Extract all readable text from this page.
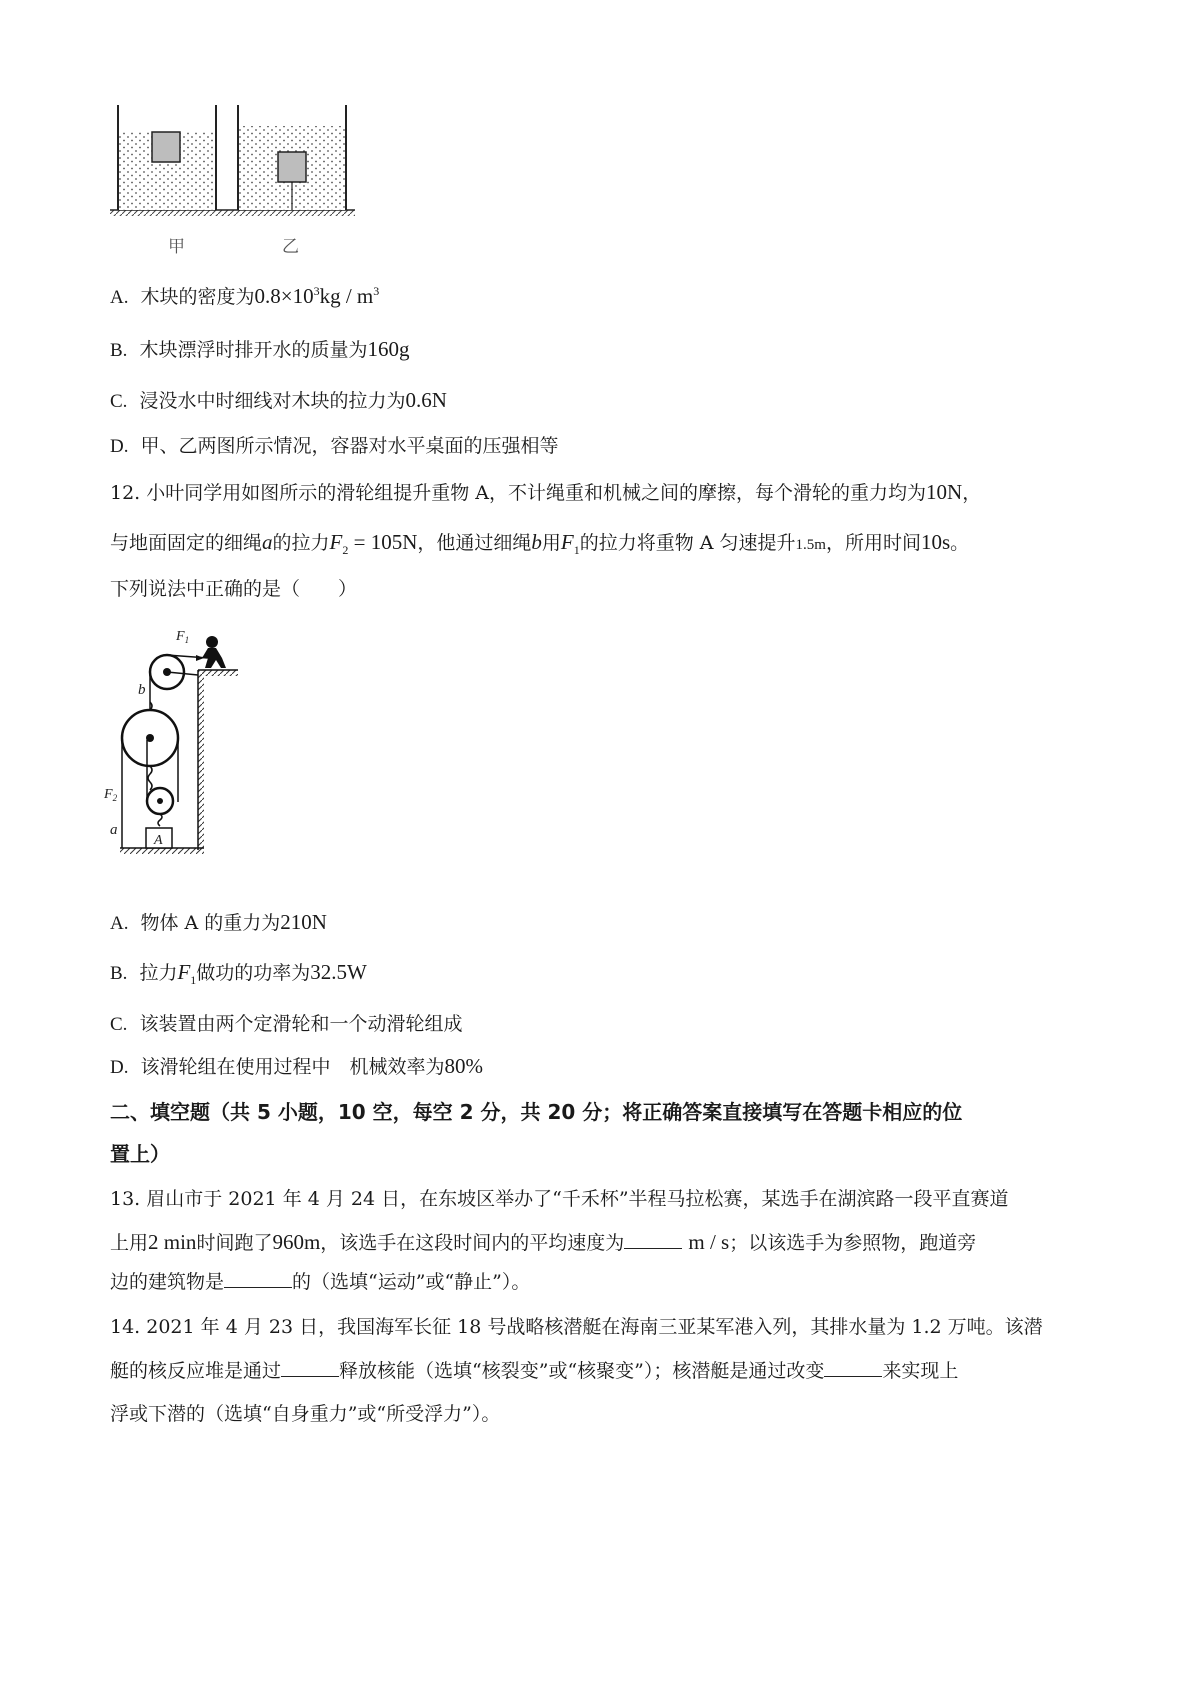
甲	乙
A. 木块的密度为$0.8\times 10^3kg / m^3$
B. 木块漂浮时排开水的质量为160g
C. 浸没水中时细线对木块的拉力为0.6N
D. 甲、乙两图所示情况，容器对水平桌面的压强相等
12. 小叶同学用如图所示的滑轮组提升重物 A，不计绳重和机械之间的摩擦，每个滑轮的重力均为10N，
与地面固定的细绳a的拉力$F_2 = 105N$，他通过细绳b用$F_1$的拉力将重物 A 匀速提升1.5m，所用时间10s。
下列说法中正确的是（　　）
$F_1$
b
$F_2$
a
A
A. 物体 A 的重力为210N
B. 拉力$F_1$做功的功率为32.5W
C. 该装置由两个定滑轮和一个动滑轮组成
D. 该滑轮组在使用过程中　机械效率为80%
二、填空题（共 5 小题，10 空，每空 2 分，共 20 分；将正确答案直接填写在答题卡相应的位
置上）
13. 眉山市于 2021 年 4 月 24 日，在东坡区举办了“千禾杯”半程马拉松赛，某选手在湖滨路一段平直赛道
上用2 min时间跑了960m，该选手在这段时间内的平均速度为	m / s；以该选手为参照物，跑道旁
边的建筑物是	的（选填“运动”或“静止”）。
14. 2021 年 4 月 23 日，我国海军长征 18 号战略核潜艇在海南三亚某军港入列，其排水量为 1.2 万吨。该潜
艇的核反应堆是通过	释放核能（选填“核裂变”或“核聚变”）；核潜艇是通过改变	来实现上
浮或下潜的（选填“自身重力”或“所受浮力”）。
